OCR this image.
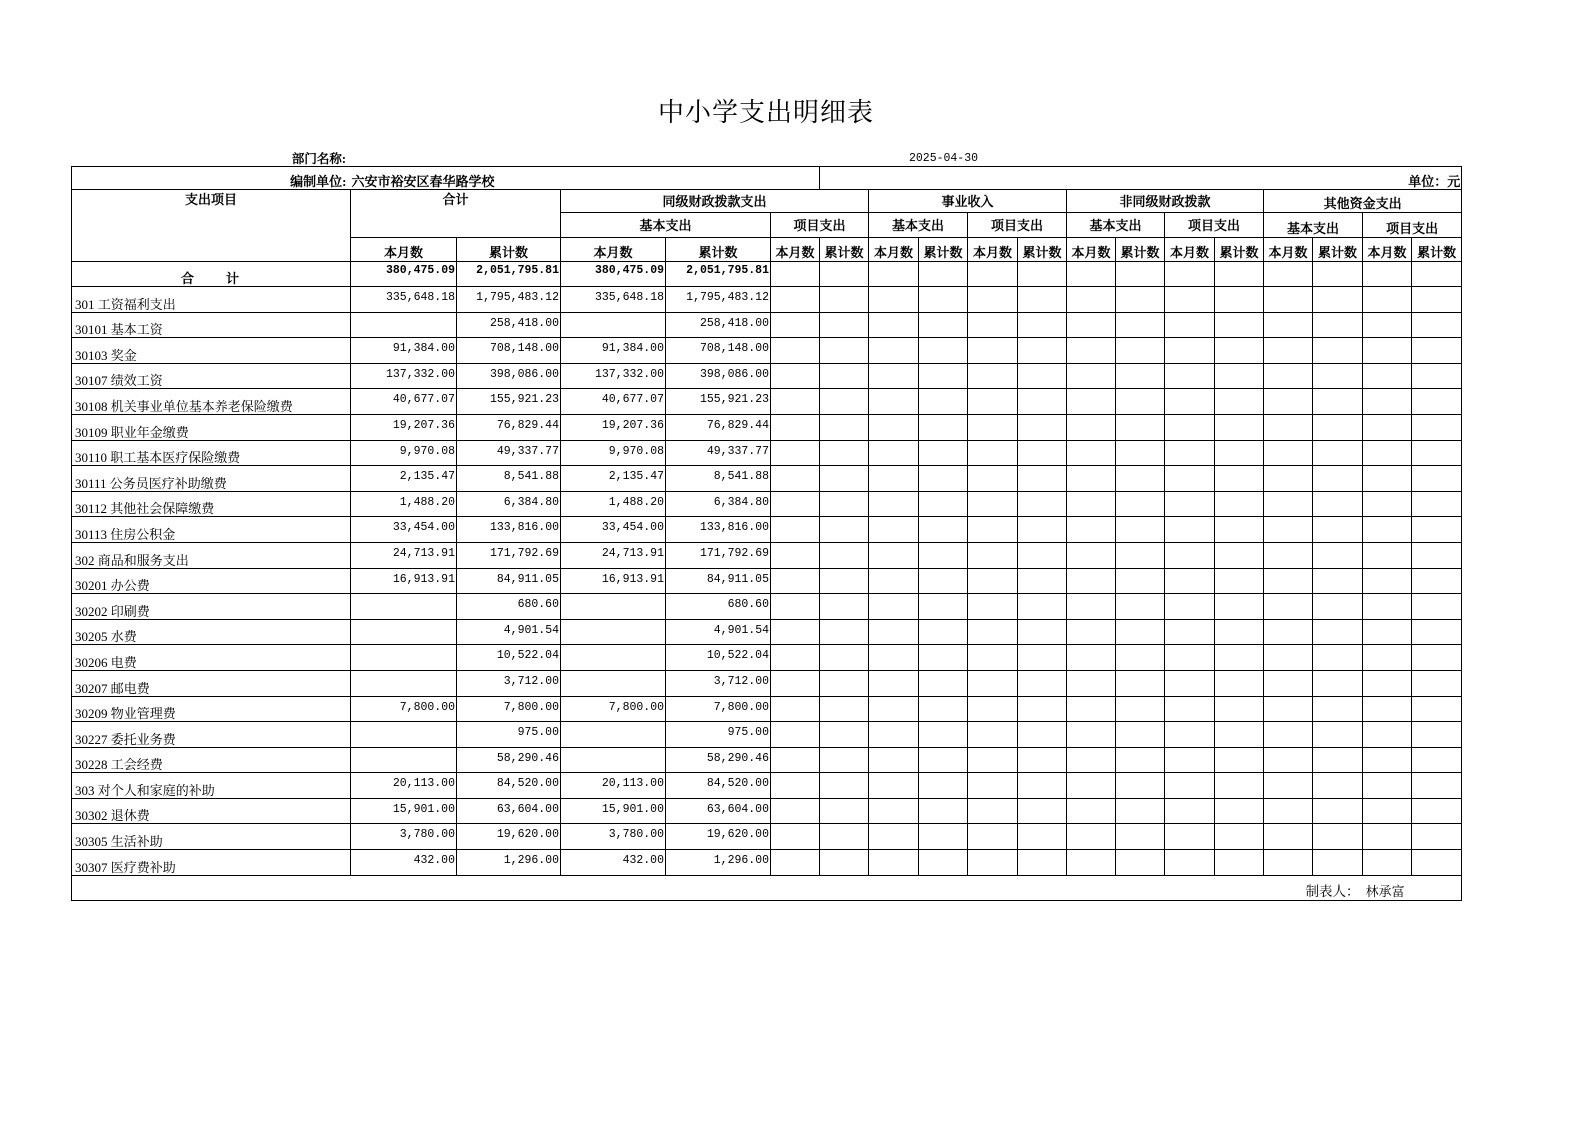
中小学支出明细表
部门名称:	2025-04-30
编制单位:	六安市裕安区春华路学校					单位：元												
支出项目	合计		同级财政拨款支出				事业收入				非同级财政拨款				其他资金支出			
			基本支出		项目支出		基本支出		项目支出		基本支出		项目支出		基本支出		项目支出	
	本月数	累计数	本月数	累计数	本月数	累计数	本月数	累计数	本月数	累计数	本月数	累计数	本月数	累计数	本月数	累计数	本月数	累计数
合　　计	380,475.09	2,051,795.81	380,475.09	2,051,795.81														
301 工资福利支出	335,648.18	1,795,483.12	335,648.18	1,795,483.12														
30101 基本工资		258,418.00		258,418.00														
30103 奖金	91,384.00	708,148.00	91,384.00	708,148.00														
30107 绩效工资	137,332.00	398,086.00	137,332.00	398,086.00														
30108 机关事业单位基本养老保险缴费	40,677.07	155,921.23	40,677.07	155,921.23														
30109 职业年金缴费	19,207.36	76,829.44	19,207.36	76,829.44														
30110 职工基本医疗保险缴费	9,970.08	49,337.77	9,970.08	49,337.77														
30111 公务员医疗补助缴费	2,135.47	8,541.88	2,135.47	8,541.88														
30112 其他社会保障缴费	1,488.20	6,384.80	1,488.20	6,384.80														
30113 住房公积金	33,454.00	133,816.00	33,454.00	133,816.00														
302 商品和服务支出	24,713.91	171,792.69	24,713.91	171,792.69														
30201 办公费	16,913.91	84,911.05	16,913.91	84,911.05														
30202 印刷费		680.60		680.60														
30205 水费		4,901.54		4,901.54														
30206 电费		10,522.04		10,522.04														
30207 邮电费		3,712.00		3,712.00														
30209 物业管理费	7,800.00	7,800.00	7,800.00	7,800.00														
30227 委托业务费		975.00		975.00														
30228 工会经费		58,290.46		58,290.46														
303 对个人和家庭的补助	20,113.00	84,520.00	20,113.00	84,520.00														
30302 退休费	15,901.00	63,604.00	15,901.00	63,604.00														
30305 生活补助	3,780.00	19,620.00	3,780.00	19,620.00														
30307 医疗费补助	432.00	1,296.00	432.00	1,296.00														

																制表人：	林承富	
